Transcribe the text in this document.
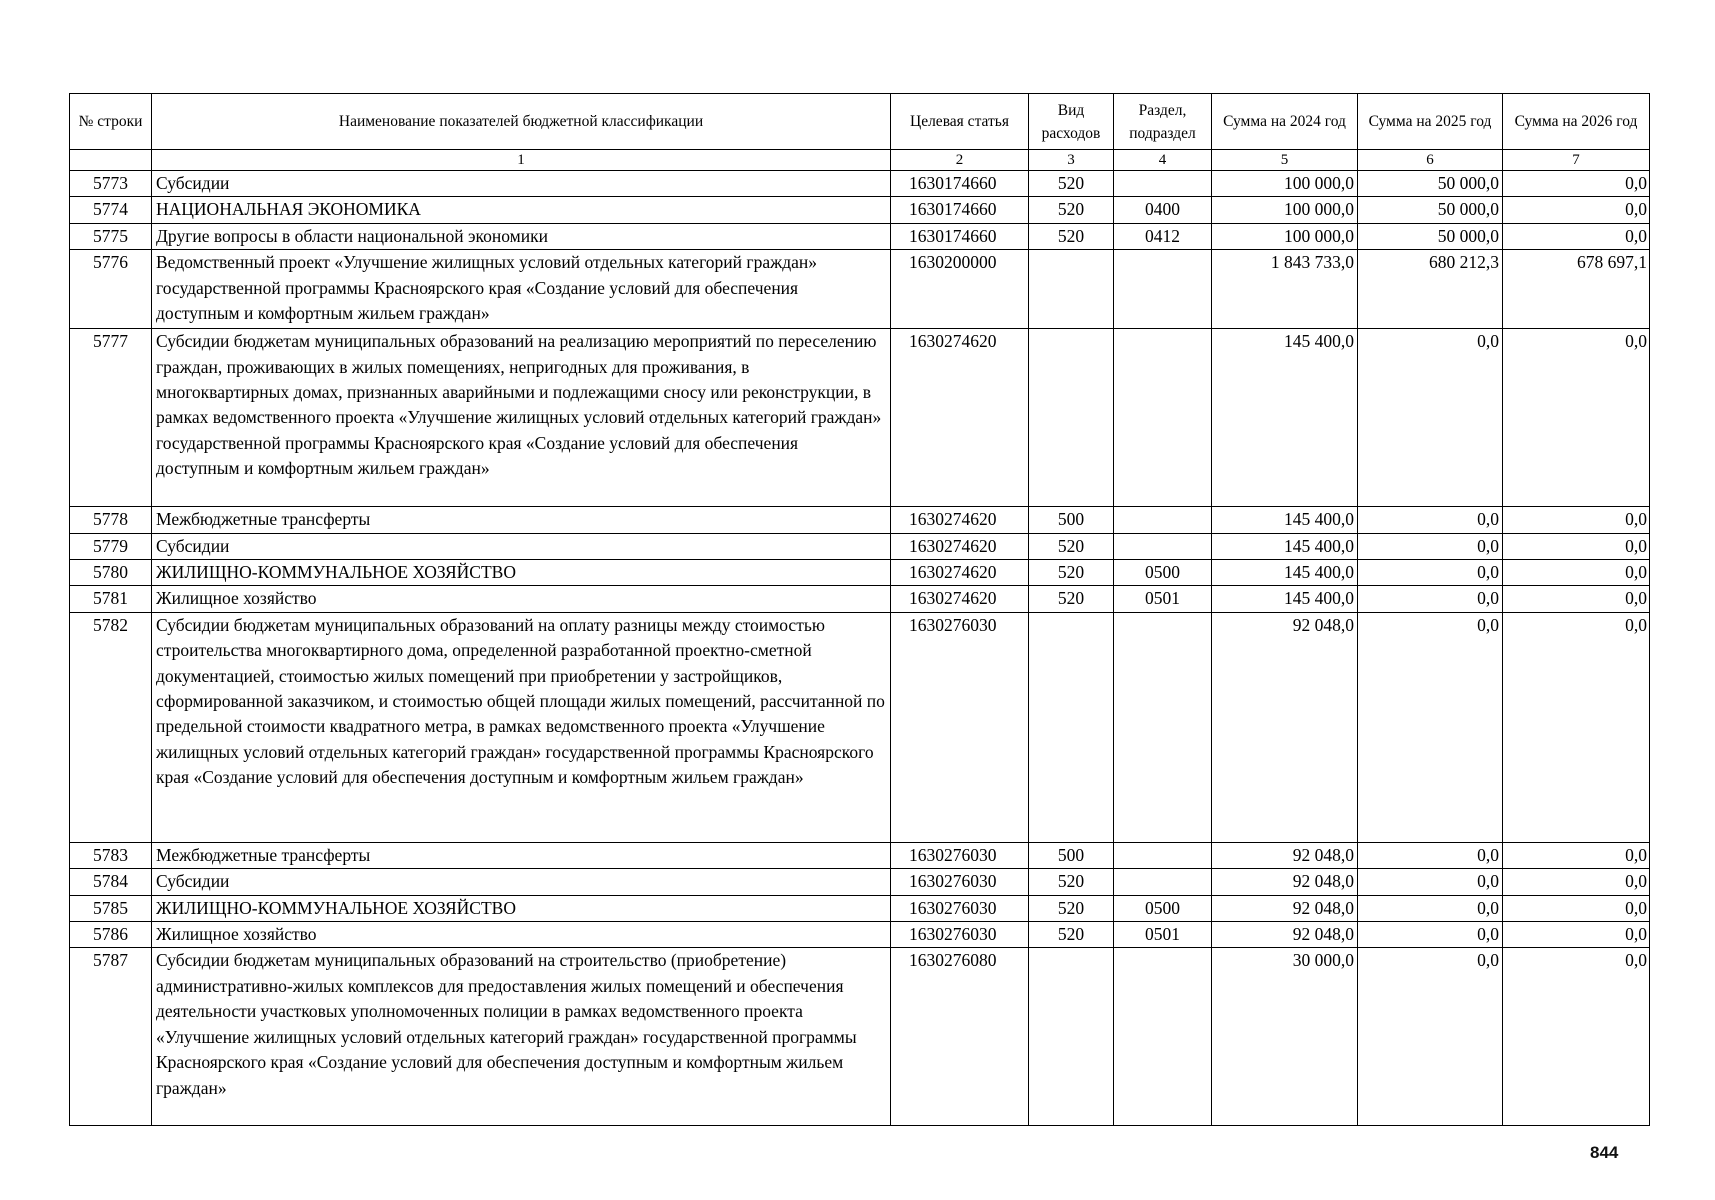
№ строки	Наименование показателей бюджетной классификации	Целевая статья	Вид расходов	Раздел, подраздел	Сумма на 2024 год	Сумма на 2025 год	Сумма на 2026 год
	1	2	3	4	5	6	7
5773	Субсидии	1630174660	520		100 000,0	50 000,0	0,0
5774	НАЦИОНАЛЬНАЯ ЭКОНОМИКА	1630174660	520	0400	100 000,0	50 000,0	0,0
5775	Другие вопросы в области национальной экономики	1630174660	520	0412	100 000,0	50 000,0	0,0
5776	Ведомственный проект «Улучшение жилищных условий отдельных категорий граждан» государственной программы Красноярского края «Создание условий для обеспечения доступным и комфортным жильем граждан»	1630200000			1 843 733,0	680 212,3	678 697,1
5777	Субсидии бюджетам муниципальных образований на реализацию мероприятий по переселению граждан, проживающих в жилых помещениях, непригодных для проживания, в многоквартирных домах, признанных аварийными и подлежащими сносу или реконструкции, в рамках ведомственного проекта «Улучшение жилищных условий отдельных категорий граждан» государственной программы Красноярского края «Создание условий для обеспечения доступным и комфортным жильем граждан»	1630274620			145 400,0	0,0	0,0
5778	Межбюджетные трансферты	1630274620	500		145 400,0	0,0	0,0
5779	Субсидии	1630274620	520		145 400,0	0,0	0,0
5780	ЖИЛИЩНО-КОММУНАЛЬНОЕ ХОЗЯЙСТВО	1630274620	520	0500	145 400,0	0,0	0,0
5781	Жилищное хозяйство	1630274620	520	0501	145 400,0	0,0	0,0
5782	Субсидии бюджетам муниципальных образований на оплату разницы между стоимостью строительства многоквартирного дома, определенной разработанной проектно-сметной документацией, стоимостью жилых помещений при приобретении у застройщиков, сформированной заказчиком, и стоимостью общей площади жилых помещений, рассчитанной по предельной стоимости квадратного метра, в рамках ведомственного проекта «Улучшение жилищных условий отдельных категорий граждан» государственной программы Красноярского края «Создание условий для обеспечения доступным и комфортным жильем граждан»	1630276030			92 048,0	0,0	0,0
5783	Межбюджетные трансферты	1630276030	500		92 048,0	0,0	0,0
5784	Субсидии	1630276030	520		92 048,0	0,0	0,0
5785	ЖИЛИЩНО-КОММУНАЛЬНОЕ ХОЗЯЙСТВО	1630276030	520	0500	92 048,0	0,0	0,0
5786	Жилищное хозяйство	1630276030	520	0501	92 048,0	0,0	0,0
5787	Субсидии бюджетам муниципальных образований на строительство (приобретение) административно-жилых комплексов для предоставления жилых помещений и обеспечения деятельности участковых уполномоченных полиции в рамках ведомственного проекта «Улучшение жилищных условий отдельных категорий граждан» государственной программы Красноярского края «Создание условий для обеспечения доступным и комфортным жильем граждан»	1630276080			30 000,0	0,0	0,0
844
